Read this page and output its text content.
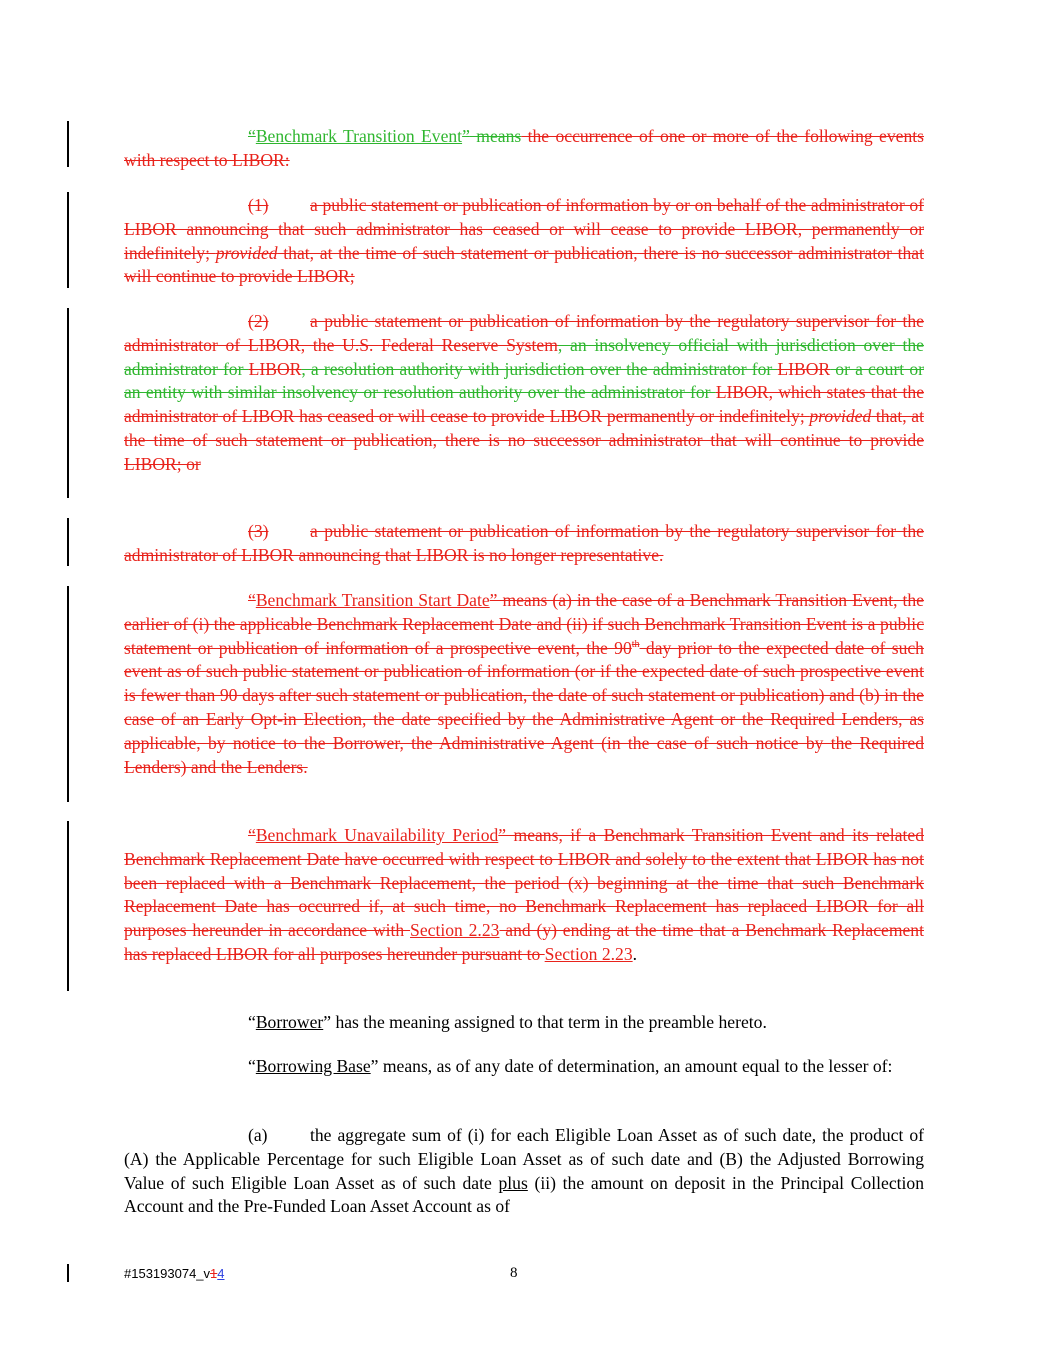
“Benchmark Transition Event” means the occurrence of one or more of the following events with respect to LIBOR:

(1) a public statement or publication of information by or on behalf of the administrator of LIBOR announcing that such administrator has ceased or will cease to provide LIBOR, permanently or indefinitely; provided that, at the time of such statement or publication, there is no successor administrator that will continue to provide LIBOR;

(2) a public statement or publication of information by the regulatory supervisor for the administrator of LIBOR, the U.S. Federal Reserve System, an insolvency official with jurisdiction over the administrator for LIBOR, a resolution authority with jurisdiction over the administrator for LIBOR or a court or an entity with similar insolvency or resolution authority over the administrator for LIBOR, which states that the administrator of LIBOR has ceased or will cease to provide LIBOR permanently or indefinitely; provided that, at the time of such statement or publication, there is no successor administrator that will continue to provide LIBOR; or

(3) a public statement or publication of information by the regulatory supervisor for the administrator of LIBOR announcing that LIBOR is no longer representative.

“Benchmark Transition Start Date” means (a) in the case of a Benchmark Transition Event, the earlier of (i) the applicable Benchmark Replacement Date and (ii) if such Benchmark Transition Event is a public statement or publication of information of a prospective event, the 90th day prior to the expected date of such event as of such public statement or publication of information (or if the expected date of such prospective event is fewer than 90 days after such statement or publication, the date of such statement or publication) and (b) in the case of an Early Opt-in Election, the date specified by the Administrative Agent or the Required Lenders, as applicable, by notice to the Borrower, the Administrative Agent (in the case of such notice by the Required Lenders) and the Lenders.

“Benchmark Unavailability Period” means, if a Benchmark Transition Event and its related Benchmark Replacement Date have occurred with respect to LIBOR and solely to the extent that LIBOR has not been replaced with a Benchmark Replacement, the period (x) beginning at the time that such Benchmark Replacement Date has occurred if, at such time, no Benchmark Replacement has replaced LIBOR for all purposes hereunder in accordance with Section 2.23 and (y) ending at the time that a Benchmark Replacement has replaced LIBOR for all purposes hereunder pursuant to Section 2.23.

“Borrower” has the meaning assigned to that term in the preamble hereto.

“Borrowing Base” means, as of any date of determination, an amount equal to the lesser of:

(a) the aggregate sum of (i) for each Eligible Loan Asset as of such date, the product of (A) the Applicable Percentage for such Eligible Loan Asset as of such date and (B) the Adjusted Borrowing Value of such Eligible Loan Asset as of such date plus (ii) the amount on deposit in the Principal Collection Account and the Pre-Funded Loan Asset Account as of

#153193074_v14	8
